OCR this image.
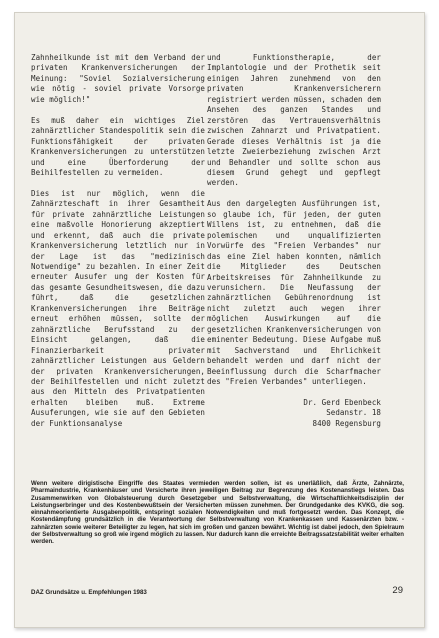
Zahnheilkunde ist mit dem Verband der privaten Krankenversicherungen der Meinung: "Soviel Sozialversicherung wie nötig - soviel private Vorsorge wie möglich!"

Es muß daher ein wichtiges Ziel zahnärztlicher Standespolitik sein die Funktionsfähigkeit der privaten Krankenversicherungen zu unterstützen und eine Überforderung der Beihilfestellen zu vermeiden.

Dies ist nur möglich, wenn die Zahnärzteschaft in ihrer Gesamtheit für private zahnärztliche Leistungen eine maßvolle Honorierung akzeptiert und erkennt, daß auch die private Krankenversicherung letztlich nur in der Lage ist das "medizinisch Notwendige" zu bezahlen. In einer Zeit erneuter Ausufer ung der Kosten für das gesamte Gesundheitswesen, die dazu führt, daß die gesetzlichen Krankenversicherungen ihre Beiträge erneut erhöhen müssen, sollte der zahnärztliche Berufsstand zu der Einsicht gelangen, daß die Finanzierbarkeit privater zahnärztlicher Leistungen aus Geldern der privaten Krankenversicherungen, der Beihilfestellen und nicht zuletzt aus den Mitteln des Privatpatienten erhalten bleiben muß. Extreme Ausuferungen, wie sie auf den Gebieten der Funktionsanalyse

und Funktionstherapie, der Implantologie und der Prothetik seit einigen Jahren zunehmend von den privaten Krankenversicherern registriert werden müssen, schaden dem Ansehen des ganzen Standes und zerstören das Vertrauensverhältnis zwischen Zahnarzt und Privatpatient. Gerade dieses Verhältnis ist ja die letzte Zweierbeziehung zwischen Arzt und Behandler und sollte schon aus diesem Grund gehegt und gepflegt werden.

Aus den dargelegten Ausführungen ist, so glaube ich, für jeden, der guten Willens ist, zu entnehmen, daß die polemischen und unqualifizierten Vorwürfe des "Freien Verbandes" nur das eine Ziel haben konnten, nämlich die Mitglieder des Deutschen Arbeitskreises für Zahnheilkunde zu verunsichern. Die Neufassung der zahnärztlichen Gebührenordnung ist nicht zuletzt auch wegen ihrer möglichen Auswirkungen auf die gesetzlichen Krankenversicherungen von eminenter Bedeutung. Diese Aufgabe muß mit Sachverstand und Ehrlichkeit behandelt werden und darf nicht der Beeinflussung durch die Scharfmacher des "Freien Verbandes" unterliegen.

Dr. Gerd Ebenbeck
Sedanstr. 18
8400 Regensburg
Wenn weitere dirigistische Eingriffe des Staates vermieden werden sollen, ist es unerläßlich, daß Ärzte, Zahnärzte, Pharmaindustrie, Krankenhäuser und Versicherte ihren jeweiligen Beitrag zur Begrenzung des Kostenanstiegs leisten. Das Zusammenwirken von Globalsteuerung durch Gesetzgeber und Selbstverwaltung, die Wirtschaftlichkeitsdisziplin der Leistungserbringer und des Kostenbewußtsein der Versicherten müssen zunehmen. Der Grundgedanke des KVKG, die sog. einnahmeorientierte Ausgabenpolitik, entspringt sozialen Notwendigkeiten und muß fortgesetzt werden. Das Konzept, die Kostendämpfung grundsätzlich in die Verantwortung der Selbstverwaltung von Krankenkassen und Kassenärzten bzw. -zahnärzten sowie weiterer Beteiligter zu legen, hat sich im großen und ganzen bewährt. Wichtig ist dabei jedoch, den Spielraum der Selbstverwaltung so groß wie irgend möglich zu lassen. Nur dadurch kann die erreichte Beitragssatzstabilität weiter erhalten werden.
DAZ Grundsätze u. Empfehlungen 1983	29
